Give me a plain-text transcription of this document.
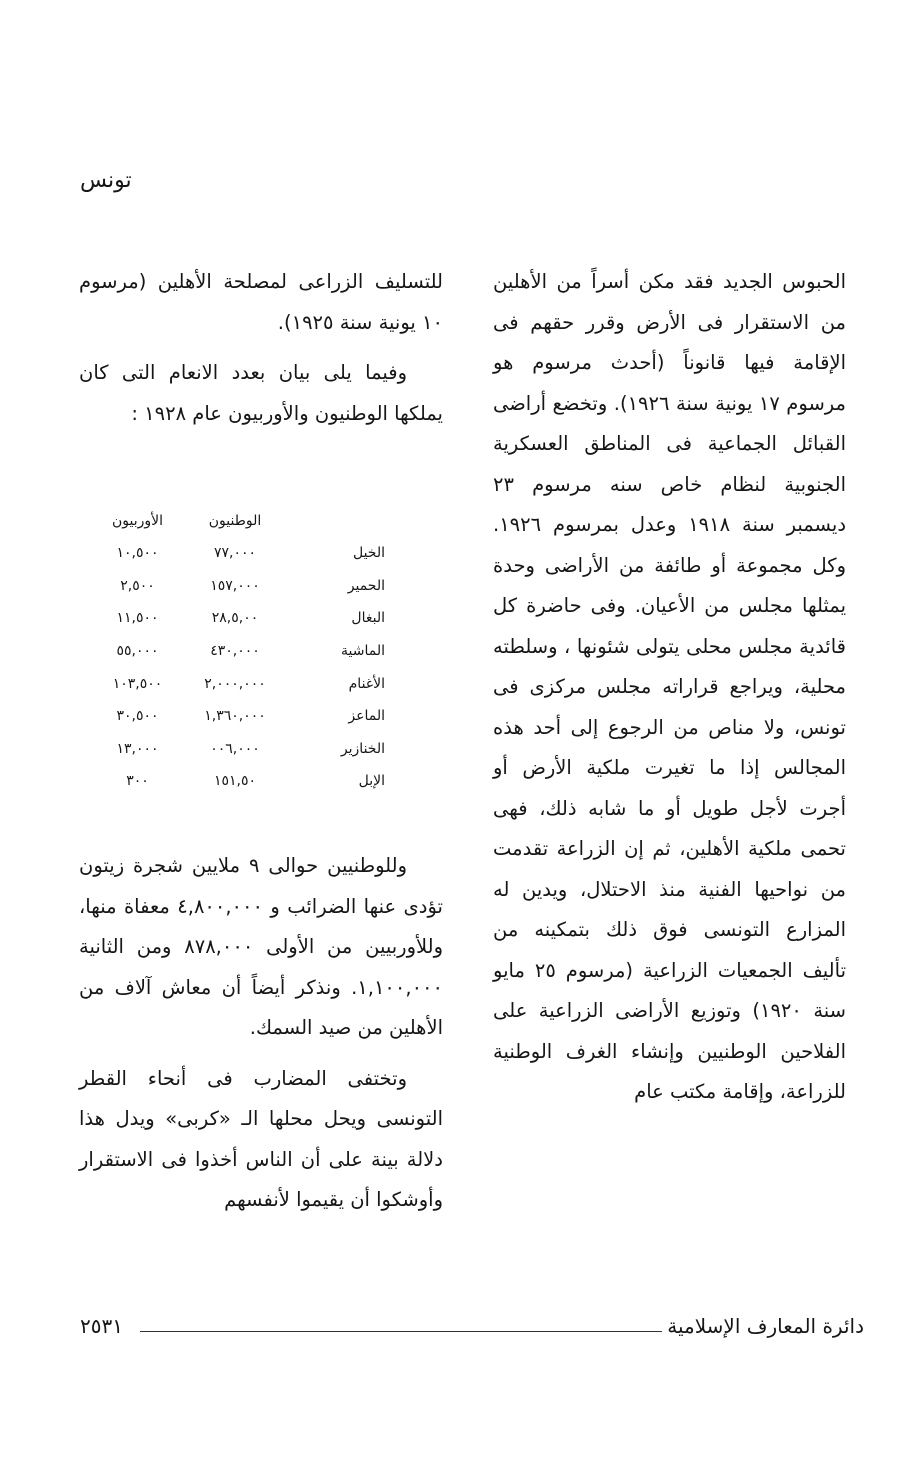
تونس

الحبوس الجديد فقد مكن أسراً من الأهلين من الاستقرار فى الأرض وقرر حقهم فى الإقامة فيها قانوناً (أحدث مرسوم هو مرسوم ١٧ يونية سنة ١٩٢٦). وتخضع أراضى القبائل الجماعية فى المناطق العسكرية الجنوبية لنظام خاص سنه مرسوم ٢٣ ديسمبر سنة ١٩١٨ وعدل بمرسوم ١٩٢٦. وكل مجموعة أو طائفة من الأراضى وحدة يمثلها مجلس من الأعيان. وفى حاضرة كل قائدية مجلس محلى يتولى شئونها ، وسلطته محلية، ويراجع قراراته مجلس مركزى فى تونس، ولا مناص من الرجوع إلى أحد هذه المجالس إذا ما تغيرت ملكية الأرض أو أجرت لأجل طويل أو ما شابه ذلك، فهى تحمى ملكية الأهلين، ثم إن الزراعة تقدمت من نواحيها الفنية منذ الاحتلال، ويدين له المزارع التونسى فوق ذلك بتمكينه من تأليف الجمعيات الزراعية (مرسوم ٢٥ مايو سنة ١٩٢٠) وتوزيع الأراضى الزراعية على الفلاحين الوطنيين وإنشاء الغرف الوطنية للزراعة، وإقامة مكتب عام

للتسليف الزراعى لمصلحة الأهلين (مرسوم ١٠ يونية سنة ١٩٢٥).

وفيما يلى بيان بعدد الانعام التى كان يملكها الوطنيون والأوربيون عام ١٩٢٨ :

	الوطنيون	الأوربيون
الخيل	٧٧,٠٠٠	١٠,٥٠٠
الحمير	١٥٧,٠٠٠	٢,٥٠٠
البغال	٢٨,٥,٠٠	١١,٥٠٠
الماشية	٤٣٠,٠٠٠	٥٥,٠٠٠
الأغنام	٢,٠٠٠,٠٠٠	١٠٣,٥٠٠
الماعز	١,٣٦٠,٠٠٠	٣٠,٥٠٠
الخنازير	٠٠٦,٠٠٠	١٣,٠٠٠
الإبل	١٥١,٥٠	٣٠٠

وللوطنيين حوالى ٩ ملايين شجرة زيتون تؤدى عنها الضرائب و ٤,٨٠٠,٠٠٠ معفاة منها، وللأوربيين من الأولى ٨٧٨,٠٠٠ ومن الثانية ١,١٠٠,٠٠٠. ونذكر أيضاً أن معاش آلاف من الأهلين من صيد السمك.

وتختفى المضارب فى أنحاء القطر التونسى ويحل محلها الـ «كربى» ويدل هذا دلالة بينة على أن الناس أخذوا فى الاستقرار وأوشكوا أن يقيموا لأنفسهم

دائرة المعارف الإسلامية
٢٥٣١
